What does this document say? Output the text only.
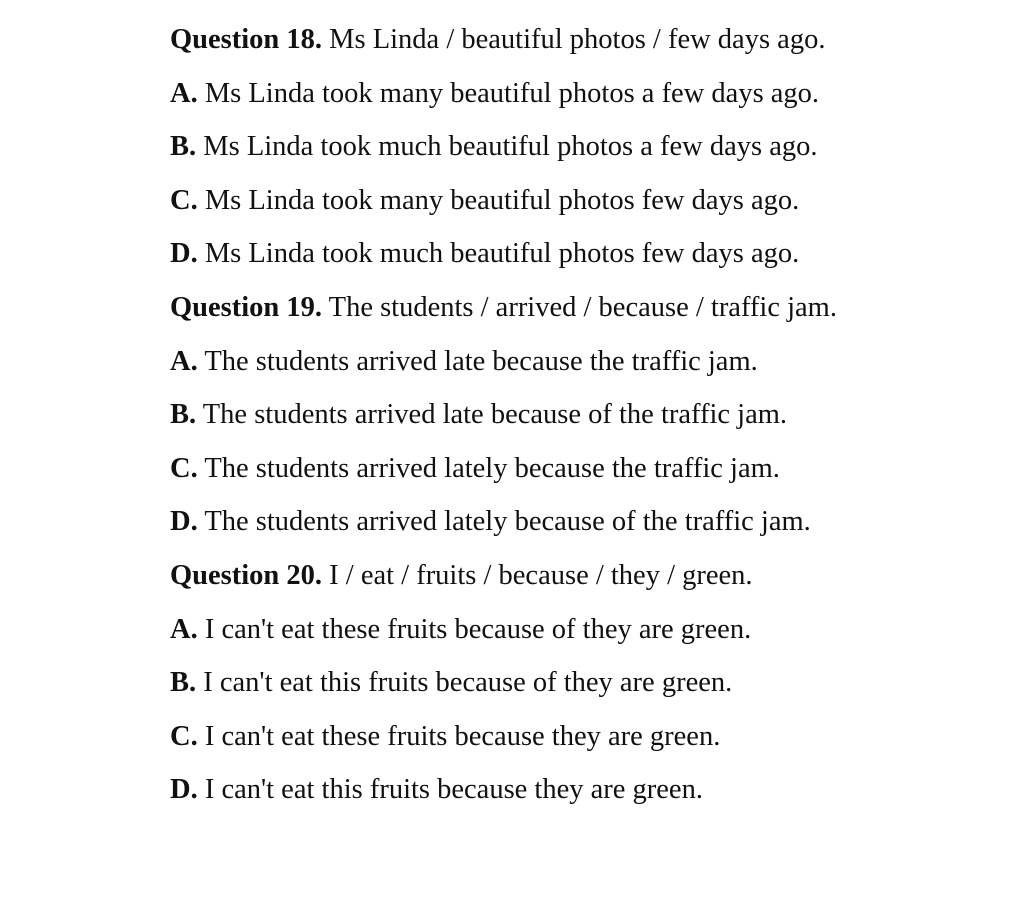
Question 18. Ms Linda / beautiful photos / few days ago.
A. Ms Linda took many beautiful photos a few days ago.
B. Ms Linda took much beautiful photos a few days ago.
C. Ms Linda took many beautiful photos few days ago.
D. Ms Linda took much beautiful photos few days ago.
Question 19. The students / arrived / because / traffic jam.
A. The students arrived late because the traffic jam.
B. The students arrived late because of the traffic jam.
C. The students arrived lately because the traffic jam.
D. The students arrived lately because of the traffic jam.
Question 20. I / eat / fruits / because / they / green.
A. I can't eat these fruits because of they are green.
B. I can't eat this fruits because of they are green.
C. I can't eat these fruits because they are green.
D. I can't eat this fruits because they are green.
